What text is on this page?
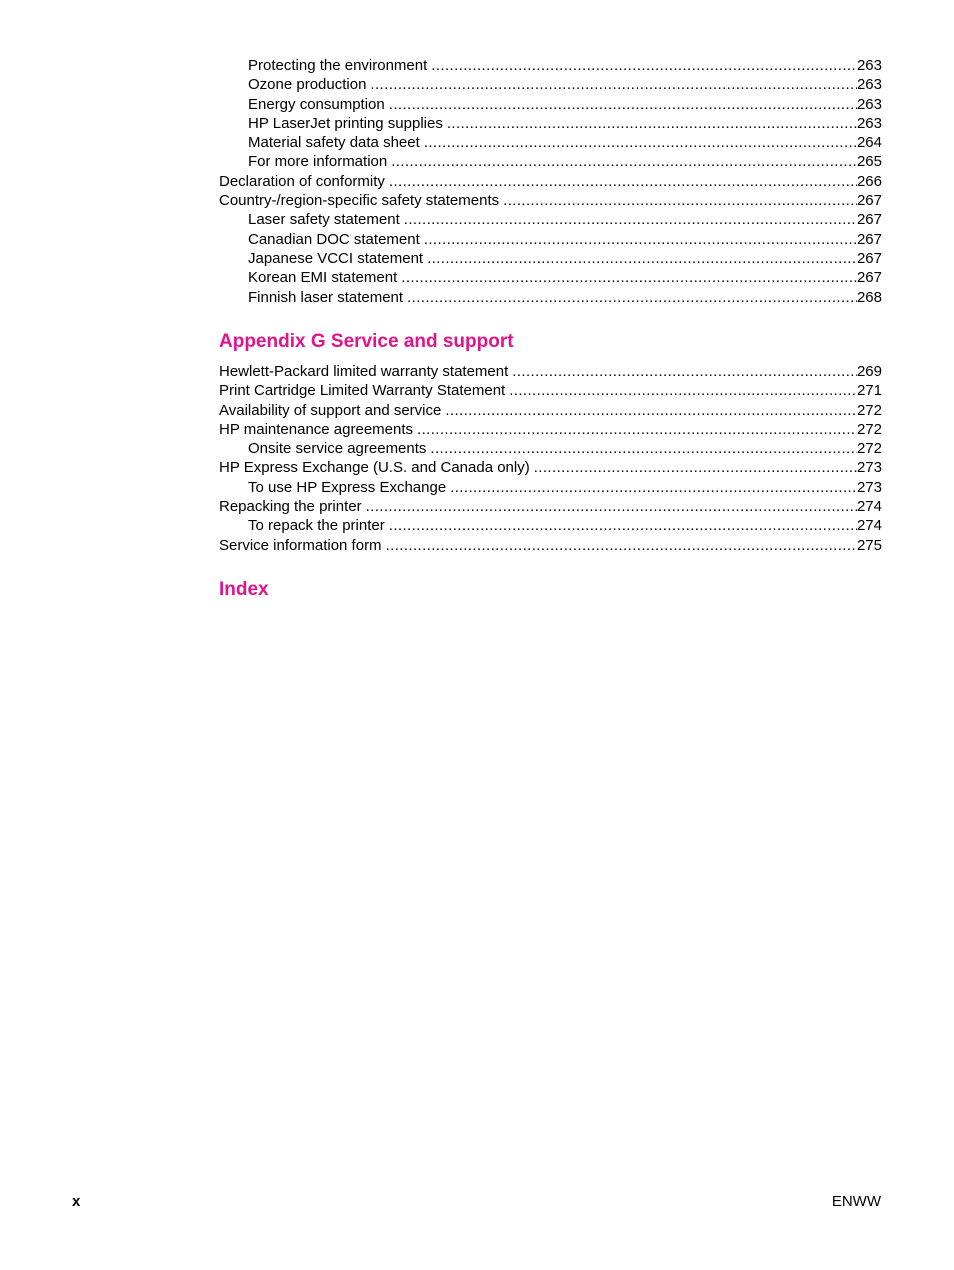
Protecting the environment .....	263
Ozone production .....	263
Energy consumption .....	263
HP LaserJet printing supplies .....	263
Material safety data sheet .....	264
For more information .....	265
Declaration of conformity .....	266
Country-/region-specific safety statements .....	267
Laser safety statement .....	267
Canadian DOC statement .....	267
Japanese VCCI statement .....	267
Korean EMI statement .....	267
Finnish laser statement .....	268
Appendix G Service and support
Hewlett-Packard limited warranty statement .....	269
Print Cartridge Limited Warranty Statement .....	271
Availability of support and service .....	272
HP maintenance agreements .....	272
Onsite service agreements .....	272
HP Express Exchange (U.S. and Canada only) .....	273
To use HP Express Exchange .....	273
Repacking the printer .....	274
To repack the printer .....	274
Service information form .....	275
Index
x	ENWW
